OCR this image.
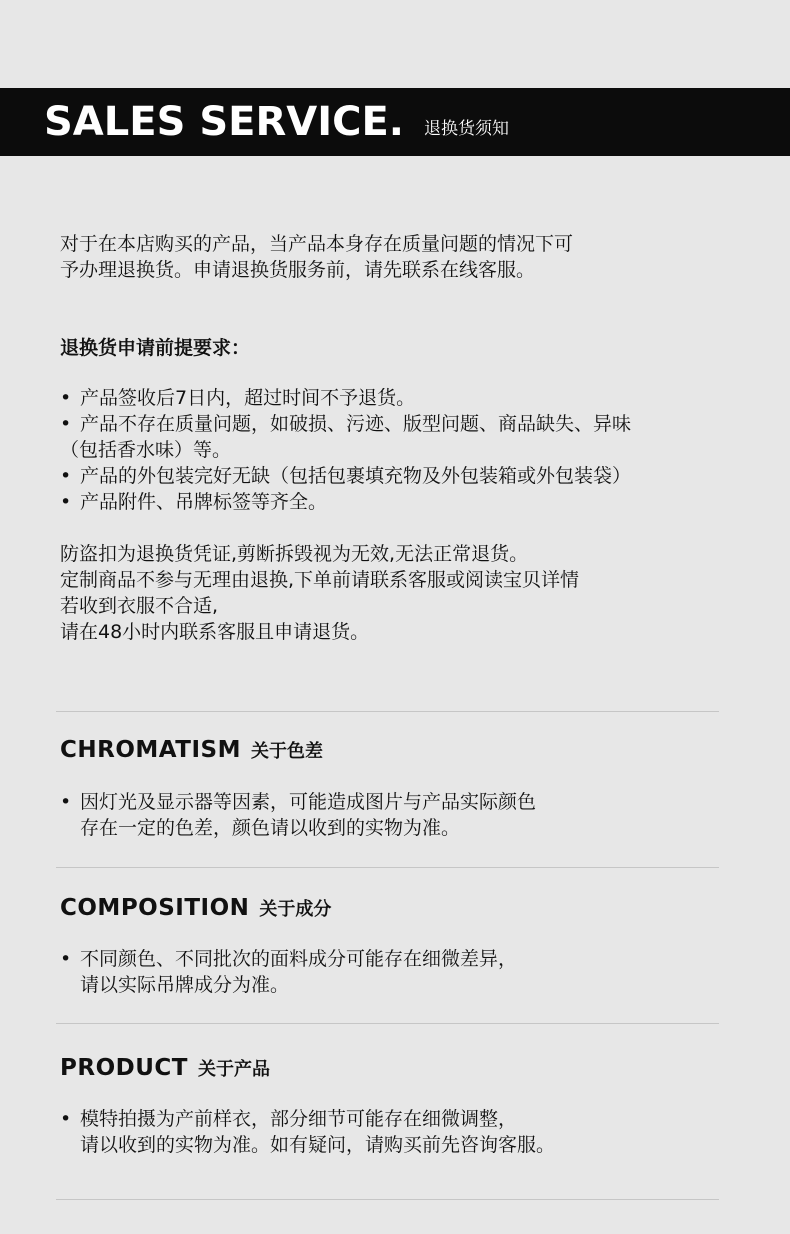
SALES SERVICE. 退换货须知
对于在本店购买的产品，当产品本身存在质量问题的情况下可
予办理退换货。申请退换货服务前，请先联系在线客服。
退换货申请前提要求：
• 产品签收后7日内，超过时间不予退货。
• 产品不存在质量问题，如破损、污迹、版型问题、商品缺失、异味
（包括香水味）等。
• 产品的外包装完好无缺（包括包裹填充物及外包装箱或外包装袋）
• 产品附件、吊牌标签等齐全。
防盗扣为退换货凭证,剪断拆毁视为无效,无法正常退货。
定制商品不参与无理由退换,下单前请联系客服或阅读宝贝详情
若收到衣服不合适,
请在48小时内联系客服且申请退货。
CHROMATISM 关于色差
• 因灯光及显示器等因素，可能造成图片与产品实际颜色
存在一定的色差，颜色请以收到的实物为准。
COMPOSITION 关于成分
• 不同颜色、不同批次的面料成分可能存在细微差异，
请以实际吊牌成分为准。
PRODUCT 关于产品
• 模特拍摄为产前样衣，部分细节可能存在细微调整，
请以收到的实物为准。如有疑问，请购买前先咨询客服。
